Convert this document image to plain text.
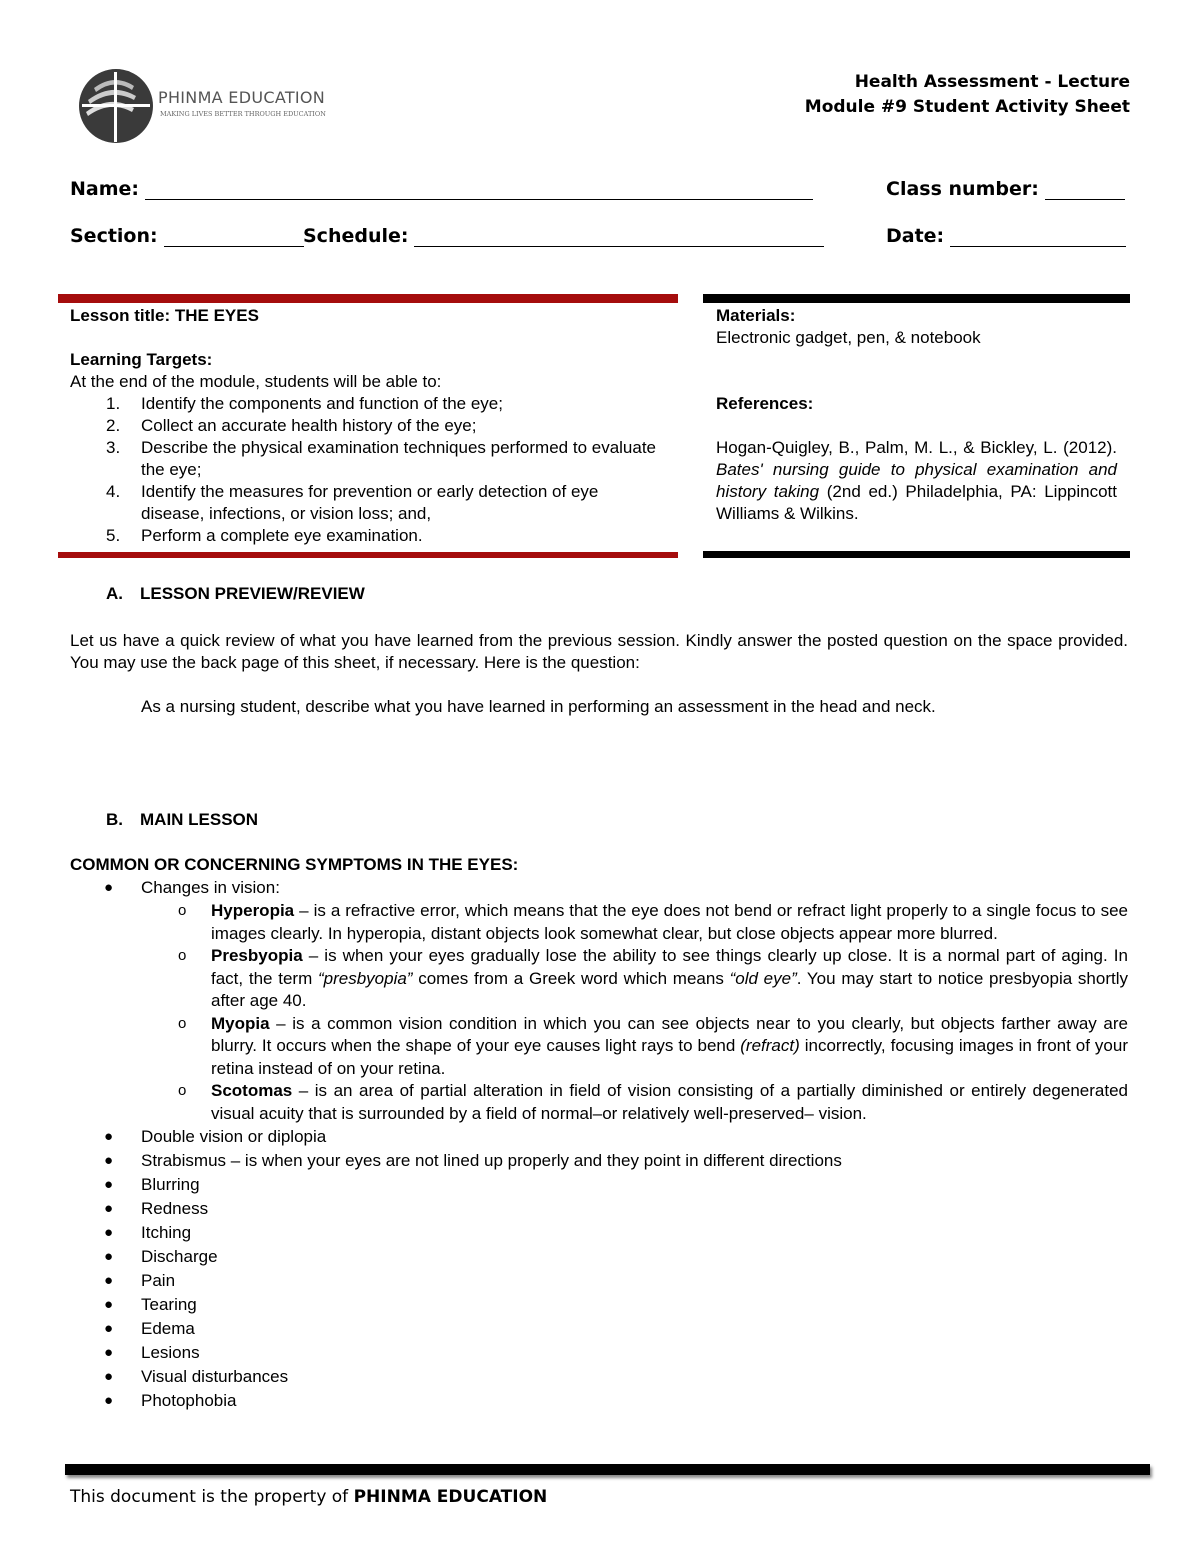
PHINMA EDUCATION
MAKING LIVES BETTER THROUGH EDUCATION
Health Assessment - Lecture
Module #9 Student Activity Sheet
Name:	Class number:
Section:	Schedule:	Date:
Lesson title: THE EYES
Learning Targets:
At the end of the module, students will be able to:
1. Identify the components and function of the eye;
2. Collect an accurate health history of the eye;
3. Describe the physical examination techniques performed to evaluate the eye;
4. Identify the measures for prevention or early detection of eye disease, infections, or vision loss; and,
5. Perform a complete eye examination.
Materials:
Electronic gadget, pen, & notebook
References:
Hogan-Quigley, B., Palm, M. L., & Bickley, L. (2012). Bates' nursing guide to physical examination and history taking (2nd ed.) Philadelphia, PA: Lippincott Williams & Wilkins.
A. LESSON PREVIEW/REVIEW
Let us have a quick review of what you have learned from the previous session. Kindly answer the posted question on the space provided. You may use the back page of this sheet, if necessary. Here is the question:
As a nursing student, describe what you have learned in performing an assessment in the head and neck.
B. MAIN LESSON
COMMON OR CONCERNING SYMPTOMS IN THE EYES:
● Changes in vision:
o Hyperopia – is a refractive error, which means that the eye does not bend or refract light properly to a single focus to see images clearly. In hyperopia, distant objects look somewhat clear, but close objects appear more blurred.
o Presbyopia – is when your eyes gradually lose the ability to see things clearly up close. It is a normal part of aging. In fact, the term “presbyopia” comes from a Greek word which means “old eye”. You may start to notice presbyopia shortly after age 40.
o Myopia – is a common vision condition in which you can see objects near to you clearly, but objects farther away are blurry. It occurs when the shape of your eye causes light rays to bend (refract) incorrectly, focusing images in front of your retina instead of on your retina.
o Scotomas – is an area of partial alteration in field of vision consisting of a partially diminished or entirely degenerated visual acuity that is surrounded by a field of normal–or relatively well-preserved– vision.
● Double vision or diplopia
● Strabismus – is when your eyes are not lined up properly and they point in different directions
● Blurring
● Redness
● Itching
● Discharge
● Pain
● Tearing
● Edema
● Lesions
● Visual disturbances
● Photophobia
This document is the property of PHINMA EDUCATION
